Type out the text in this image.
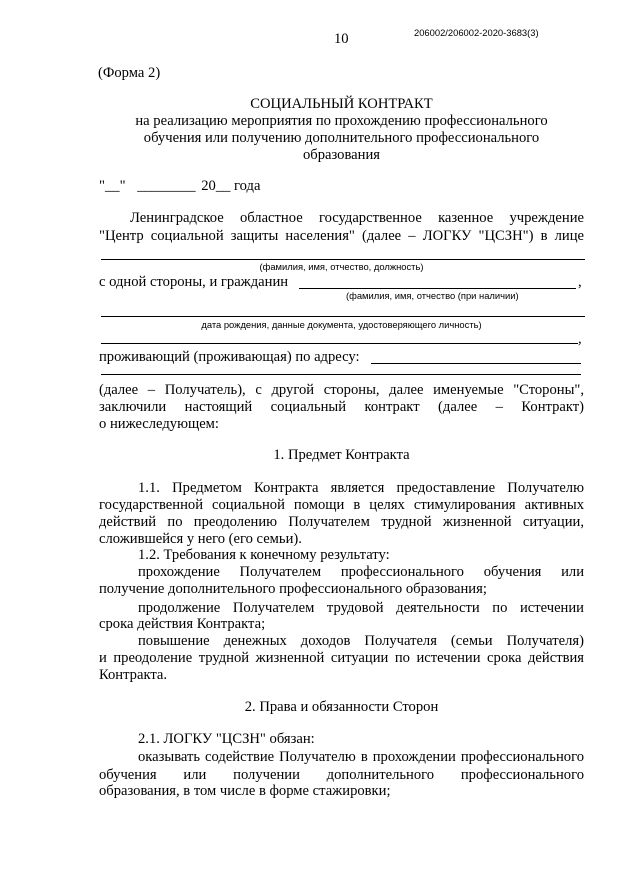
10	206002/206002-2020-3683(3)
(Форма 2)
СОЦИАЛЬНЫЙ КОНТРАКТ
на реализацию мероприятия по прохождению профессионального
обучения или получению дополнительного профессионального
образования
"__" ________ 20__ года
Ленинградское областное государственное казенное учреждение
"Центр социальной защиты населения" (далее – ЛОГКУ "ЦСЗН") в лице
(фамилия, имя, отчество, должность)
с одной стороны, и гражданин	,
(фамилия, имя, отчество (при наличии)
дата рождения, данные документа, удостоверяющего личность)
,
проживающий (проживающая) по адресу:
(далее – Получатель), с другой стороны, далее именуемые "Стороны",
заключили настоящий социальный контракт (далее – Контракт)
о нижеследующем:
1. Предмет Контракта
1.1. Предметом Контракта является предоставление Получателю
государственной социальной помощи в целях стимулирования активных
действий по преодолению Получателем трудной жизненной ситуации,
сложившейся у него (его семьи).
1.2. Требования к конечному результату:
прохождение Получателем профессионального обучения или
получение дополнительного профессионального образования;
продолжение Получателем трудовой деятельности по истечении
срока действия Контракта;
повышение денежных доходов Получателя (семьи Получателя)
и преодоление трудной жизненной ситуации по истечении срока действия
Контракта.
2. Права и обязанности Сторон
2.1. ЛОГКУ "ЦСЗН" обязан:
оказывать содействие Получателю в прохождении профессионального
обучения или получении дополнительного профессионального
образования, в том числе в форме стажировки;
